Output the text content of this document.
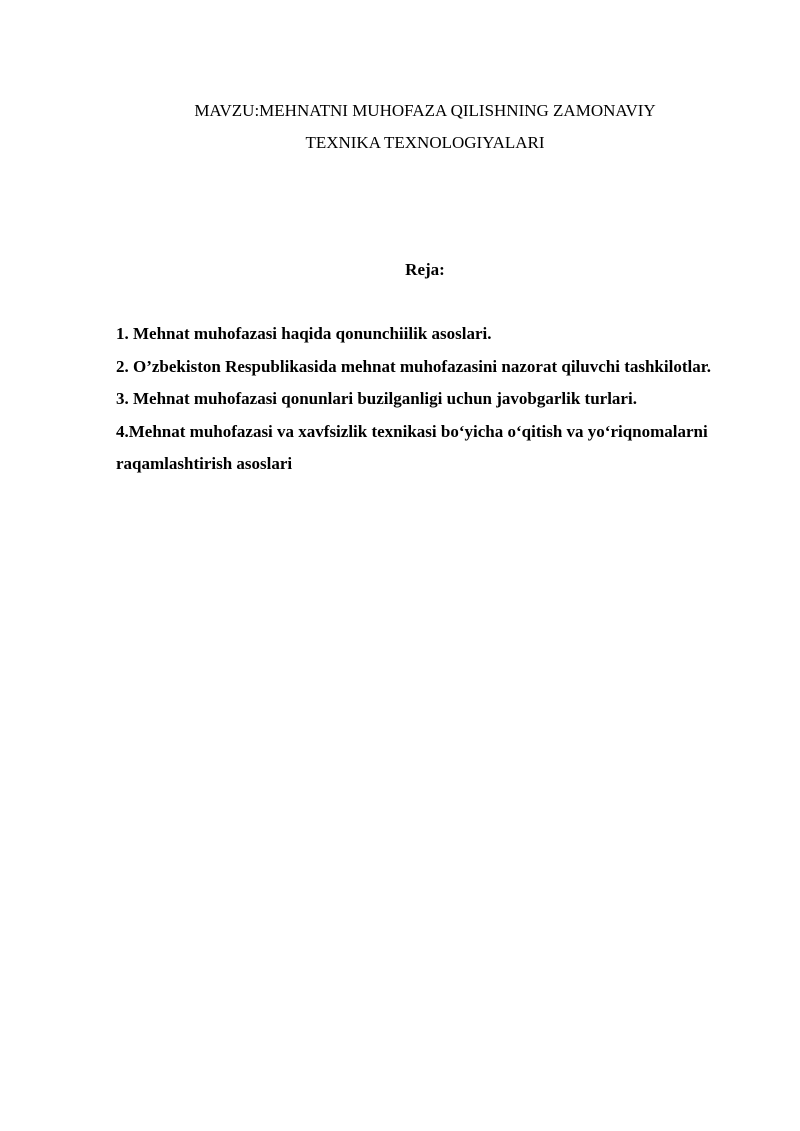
MAVZU:MEHNATNI MUHOFAZA QILISHNING ZAMONAVIY

TEXNIKA TEXNOLOGIYALARI

Reja:

1. Mehnat muhofazasi haqida qonunchiilik asoslari.
2. O’zbekiston Respublikasida mehnat muhofazasini nazorat qiluvchi tashkilotlar.
3. Mehnat muhofazasi qonunlari buzilganligi uchun javobgarlik turlari.
4.Mehnat muhofazasi va xavfsizlik texnikasi bo‘yicha o‘qitish va yo‘riqnomalarni raqamlashtirish asoslari
